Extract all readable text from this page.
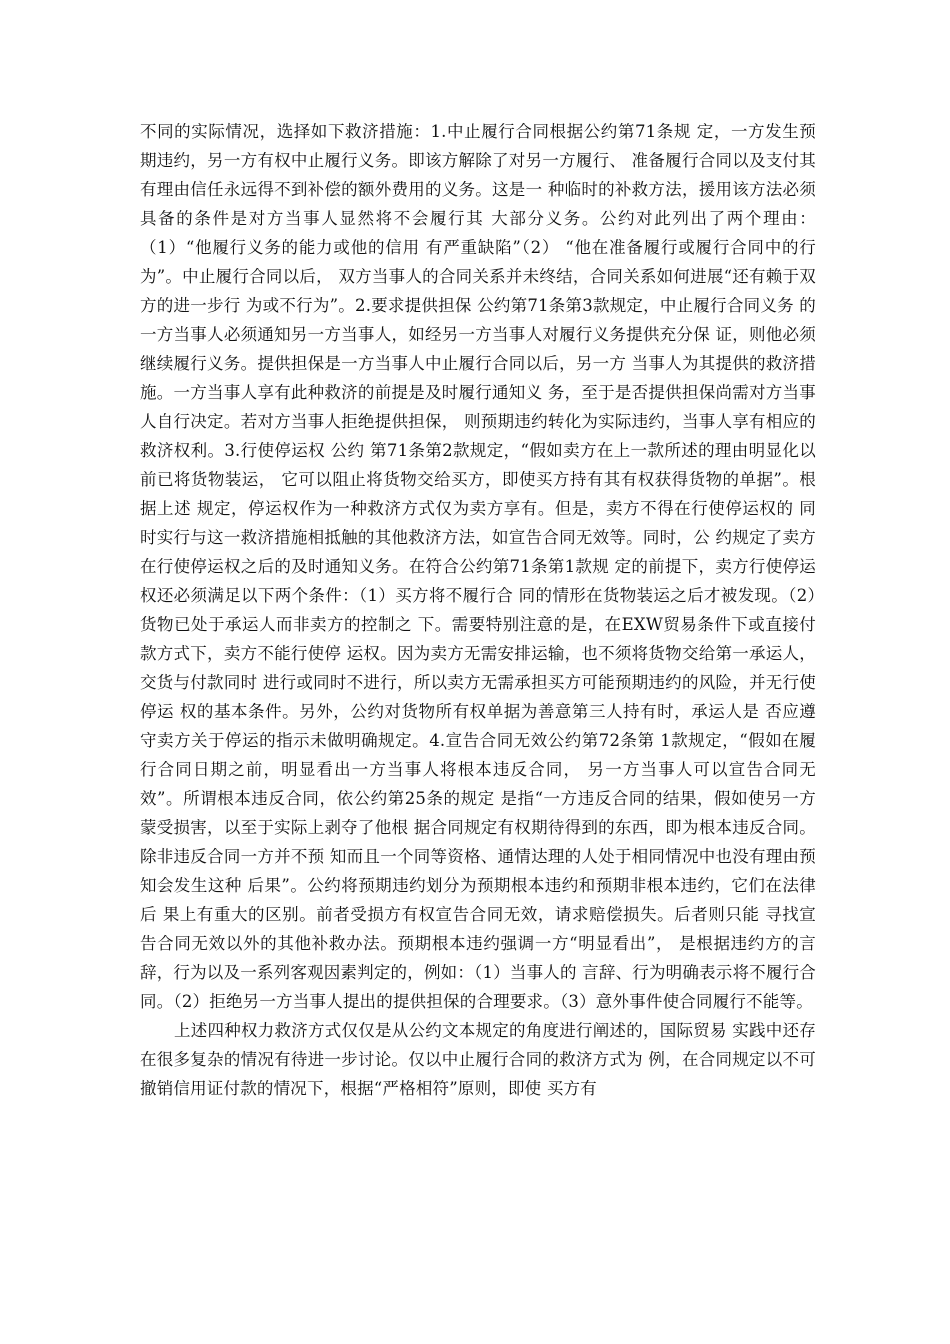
不同的实际情况，选择如下救济措施：1.中止履行合同根据公约第71条规 定，一方发生预期违约，另一方有权中止履行义务。即该方解除了对另一方履行、 准备履行合同以及支付其有理由信任永远得不到补偿的额外费用的义务。这是一 种临时的补救方法，援用该方法必须具备的条件是对方当事人显然将不会履行其 大部分义务。公约对此列出了两个理由：（1）“他履行义务的能力或他的信用 有严重缺陷”（2） “他在准备履行或履行合同中的行为”。中止履行合同以后， 双方当事人的合同关系并未终结，合同关系如何进展“还有赖于双方的进一步行 为或不行为”。2.要求提供担保 公约第71条第3款规定，中止履行合同义务 的一方当事人必须通知另一方当事人，如经另一方当事人对履行义务提供充分保 证，则他必须继续履行义务。提供担保是一方当事人中止履行合同以后，另一方 当事人为其提供的救济措施。一方当事人享有此种救济的前提是及时履行通知义 务，至于是否提供担保尚需对方当事人自行决定。若对方当事人拒绝提供担保， 则预期违约转化为实际违约，当事人享有相应的救济权利。3.行使停运权 公约 第71条第2款规定，“假如卖方在上一款所述的理由明显化以前已将货物装运， 它可以阻止将货物交给买方，即使买方持有其有权获得货物的单据”。根据上述 规定，停运权作为一种救济方式仅为卖方享有。但是，卖方不得在行使停运权的 同时实行与这一救济措施相抵触的其他救济方法，如宣告合同无效等。同时，公 约规定了卖方在行使停运权之后的及时通知义务。在符合公约第71条第1款规 定的前提下，卖方行使停运权还必须满足以下两个条件：（1）买方将不履行合 同的情形在货物装运之后才被发现。（2）货物已处于承运人而非卖方的控制之 下。需要特别注意的是，在EXW贸易条件下或直接付款方式下，卖方不能行使停 运权。因为卖方无需安排运输，也不须将货物交给第一承运人，交货与付款同时 进行或同时不进行，所以卖方无需承担买方可能预期违约的风险，并无行使停运 权的基本条件。另外，公约对货物所有权单据为善意第三人持有时，承运人是 否应遵守卖方关于停运的指示未做明确规定。4.宣告合同无效公约第72条第 1款规定，“假如在履行合同日期之前，明显看出一方当事人将根本违反合同， 另一方当事人可以宣告合同无效”。所谓根本违反合同，依公约第25条的规定 是指“一方违反合同的结果，假如使另一方蒙受损害，以至于实际上剥夺了他根 据合同规定有权期待得到的东西，即为根本违反合同。除非违反合同一方并不预 知而且一个同等资格、通情达理的人处于相同情况中也没有理由预知会发生这种 后果”。公约将预期违约划分为预期根本违约和预期非根本违约，它们在法律后 果上有重大的区别。前者受损方有权宣告合同无效，请求赔偿损失。后者则只能 寻找宣告合同无效以外的其他补救办法。预期根本违约强调一方“明显看出”， 是根据违约方的言辞，行为以及一系列客观因素判定的，例如：（1）当事人的 言辞、行为明确表示将不履行合同。（2）拒绝另一方当事人提出的提供担保的合理要求。（3）意外事件使合同履行不能等。

上述四种权力救济方式仅仅是从公约文本规定的角度进行阐述的，国际贸易 实践中还存在很多复杂的情况有待进一步讨论。仅以中止履行合同的救济方式为 例，在合同规定以不可撤销信用证付款的情况下，根据“严格相符”原则，即使 买方有
